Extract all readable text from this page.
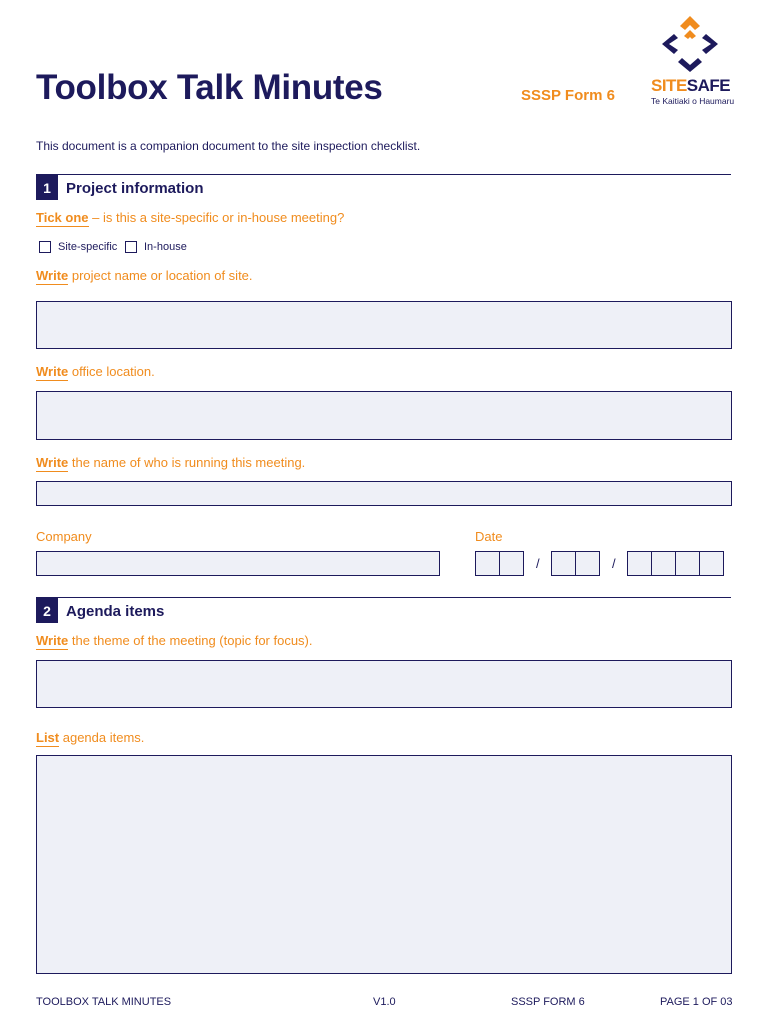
Toolbox Talk Minutes	SSSP Form 6
SITESAFE
Te Kaitiaki o Haumaru
This document is a companion document to the site inspection checklist.
1	Project information
Tick one – is this a site-specific or in-house meeting?
Site-specific In-house
Write project name or location of site.
Write office location.
Write the name of who is running this meeting.
Company	Date
/	/
2	Agenda items
Write the theme of the meeting (topic for focus).
List agenda items.
TOOLBOX TALK MINUTES	V1.0	SSSP FORM 6	PAGE 1 OF 03
